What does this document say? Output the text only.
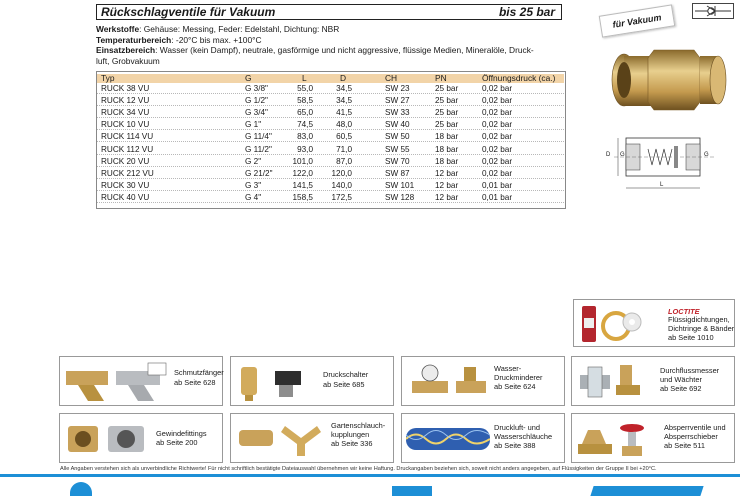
Rückschlagventile für Vakuum	bis 25 bar
für Vakuum
Werkstoffe: Gehäuse: Messing, Feder: Edelstahl, Dichtung: NBR
Temperaturbereich: -20°C bis max. +100°C
Einsatzbereich: Wasser (kein Dampf), neutrale, gasförmige und nicht aggressive, flüssige Medien, Mineralöle, Druck-
luft, Grobvakuum
D G	G
L
Typ	G	L	D	CH	PN	Öffnungsdruck (ca.)
RUCK 38 VU	G 3/8"	55,0	34,5	SW 23	25 bar	0,02 bar
RUCK 12 VU	G 1/2"	58,5	34,5	SW 27	25 bar	0,02 bar
RUCK 34 VU	G 3/4"	65,0	41,5	SW 33	25 bar	0,02 bar
RUCK 10 VU	G 1"	74,5	48,0	SW 40	25 bar	0,02 bar
RUCK 114 VU	G 11/4"	83,0	60,5	SW 50	18 bar	0,02 bar
RUCK 112 VU	G 11/2"	93,0	71,0	SW 55	18 bar	0,02 bar
RUCK 20 VU	G 2"	101,0	87,0	SW 70	18 bar	0,02 bar
RUCK 212 VU	G 21/2" 122,0 120,0	SW 87	12 bar	0,02 bar
RUCK 30 VU	G 3"	141,5 140,0	SW 101	12 bar	0,01 bar
RUCK 40 VU	G 4"	158,5 172,5	SW 128	12 bar	0,01 bar
LOCTITE
Flüssigdichtungen,
Dichtringe & Bänder
ab Seite 1010
Schmutzfänger
ab Seite 628
Druckschalter
ab Seite 685
Wasser-
Druckminderer
ab Seite 624
Durchflussmesser
und Wächter
ab Seite 692
Gewindefittings
ab Seite 200
Gartenschlauch-
kupplungen
ab Seite 336
Druckluft- und
Wasserschläuche
ab Seite 388
Absperrventile und
Absperrschieber
ab Seite 511
Alle Angaben verstehen sich als unverbindliche Richtwerte! Für nicht schriftlich bestätigte Dateiauswahl übernehmen wir keine Haftung. Druckangaben beziehen sich, soweit nicht anders angegeben, auf Flüssigkeiten der Gruppe II bei +20°C.
